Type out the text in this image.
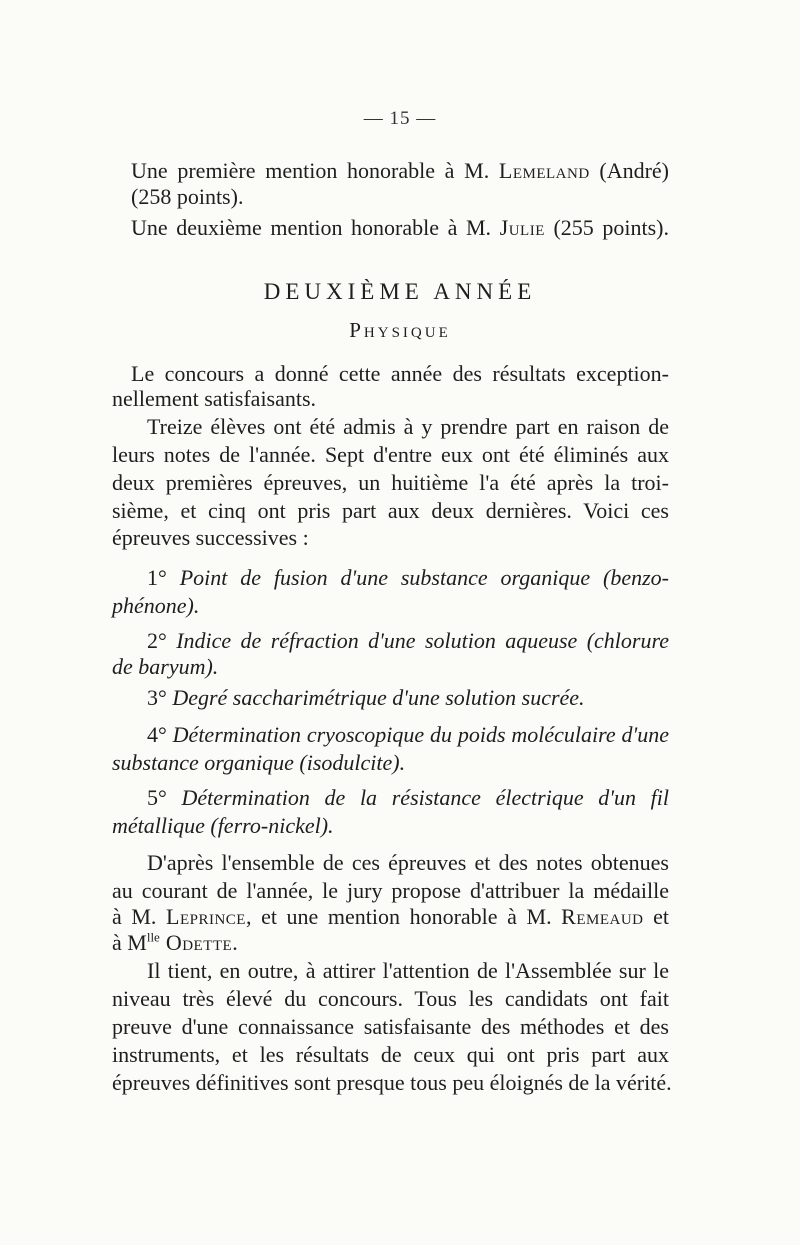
— 15 —
Une première mention honorable à M. Lemeland (André)
(258 points).
Une deuxième mention honorable à M. Julie (255 points).
DEUXIÈME ANNÉE
Physique
Le concours a donné cette année des résultats exception-
nellement satisfaisants.
Treize élèves ont été admis à y prendre part en raison de
leurs notes de l'année. Sept d'entre eux ont été éliminés aux
deux premières épreuves, un huitième l'a été après la troi-
sième, et cinq ont pris part aux deux dernières. Voici ces
épreuves successives :
1° Point de fusion d'une substance organique (benzo-
phénone).
2° Indice de réfraction d'une solution aqueuse (chlorure
de baryum).
3° Degré saccharimétrique d'une solution sucrée.
4° Détermination cryoscopique du poids moléculaire d'une
substance organique (isodulcite).
5° Détermination de la résistance électrique d'un fil
métallique (ferro-nickel).
D'après l'ensemble de ces épreuves et des notes obtenues
au courant de l'année, le jury propose d'attribuer la médaille
à M. Leprince, et une mention honorable à M. Remeaud et
à $M^{lle}$ Odette.
Il tient, en outre, à attirer l'attention de l'Assemblée sur le
niveau très élevé du concours. Tous les candidats ont fait
preuve d'une connaissance satisfaisante des méthodes et des
instruments, et les résultats de ceux qui ont pris part aux
épreuves définitives sont presque tous peu éloignés de la vérité.
